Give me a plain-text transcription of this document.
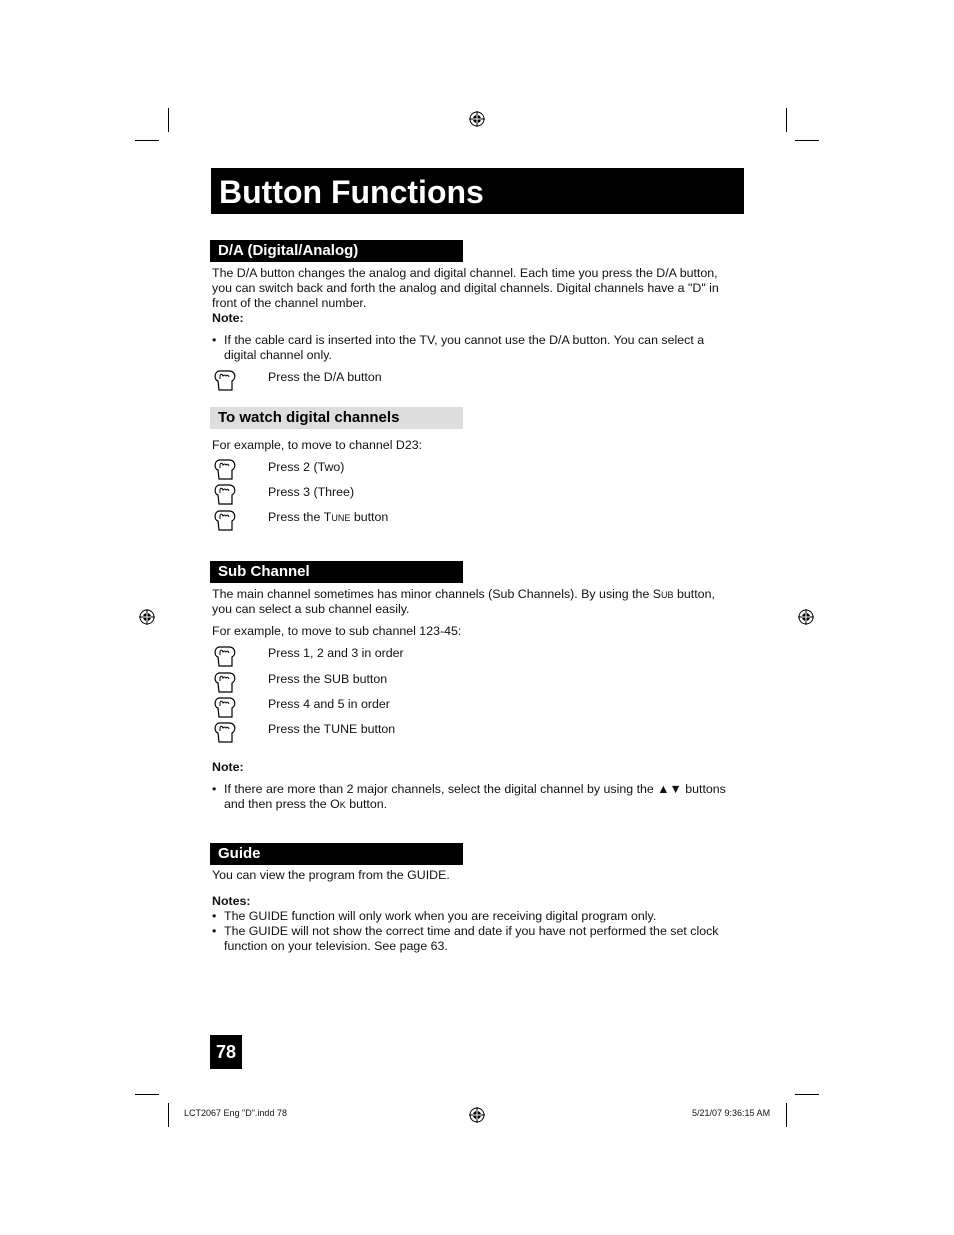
Button Functions
D/A (Digital/Analog)
The D/A button changes the analog and digital channel. Each time you press the D/A button,
you can switch back and forth the analog and digital channels. Digital channels have a "D" in
front of the channel number.
Note:
• If the cable card is inserted into the TV, you cannot use the D/A button. You can select a
digital channel only.
Press the D/A button
To watch digital channels
For example, to move to channel D23:
Press 2 (Two)
Press 3 (Three)
Press the Tune button
Sub Channel
The main channel sometimes has minor channels (Sub Channels). By using the Sub button,
you can select a sub channel easily.
For example, to move to sub channel 123-45:
Press 1, 2 and 3 in order
Press the SUB button
Press 4 and 5 in order
Press the TUNE button
Note:
• If there are more than 2 major channels, select the digital channel by using the ▲▼ buttons
and then press the Ok button.
Guide
You can view the program from the GUIDE.
Notes:
• The GUIDE function will only work when you are receiving digital program only.
• The GUIDE will not show the correct time and date if you have not performed the set clock
function on your television. See page 63.
78
LCT2067 Eng "D".indd 78	5/21/07 9:36:15 AM
